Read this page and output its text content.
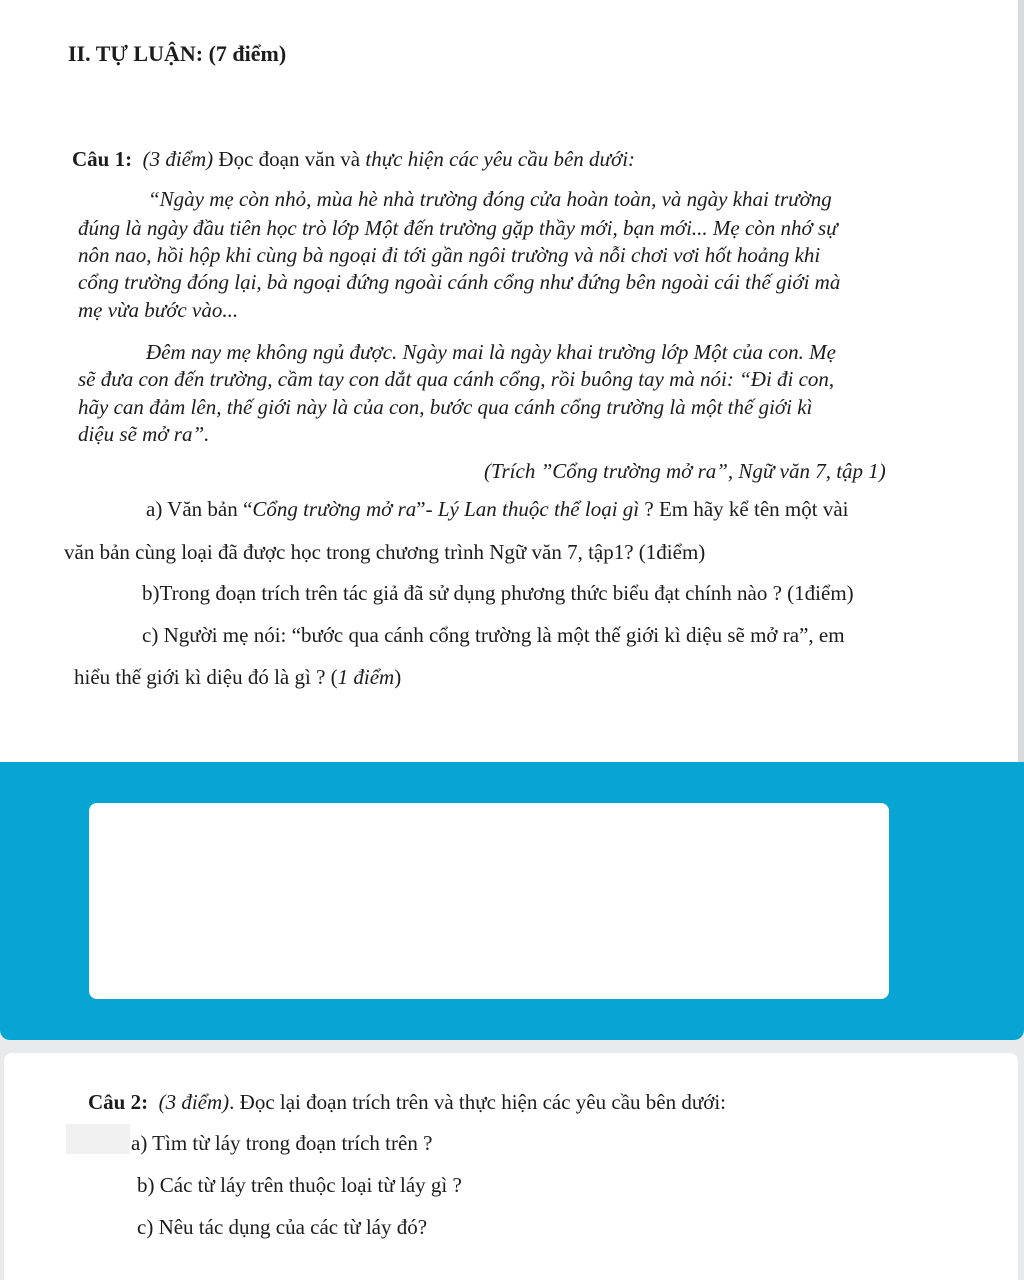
II. TỰ LUẬN: (7 điểm)
Câu 1: (3 điểm) Đọc đoạn văn và thực hiện các yêu cầu bên dưới:
“Ngày mẹ còn nhỏ, mùa hè nhà trường đóng cửa hoàn toàn, và ngày khai trường
đúng là ngày đầu tiên học trò lớp Một đến trường gặp thầy mới, bạn mới... Mẹ còn nhớ sự
nôn nao, hồi hộp khi cùng bà ngoại đi tới gần ngôi trường và nỗi chơi vơi hốt hoảng khi
cổng trường đóng lại, bà ngoại đứng ngoài cánh cổng như đứng bên ngoài cái thế giới mà
mẹ vừa bước vào...
Đêm nay mẹ không ngủ được. Ngày mai là ngày khai trường lớp Một của con. Mẹ
sẽ đưa con đến trường, cầm tay con dắt qua cánh cổng, rồi buông tay mà nói: “Đi đi con,
hãy can đảm lên, thế giới này là của con, bước qua cánh cổng trường là một thế giới kì
diệu sẽ mở ra”.
(Trích ”Cổng trường mở ra”, Ngữ văn 7, tập 1)
a) Văn bản “Cổng trường mở ra”- Lý Lan thuộc thể loại gì ? Em hãy kể tên một vài
văn bản cùng loại đã được học trong chương trình Ngữ văn 7, tập1? (1điểm)
b)Trong đoạn trích trên tác giả đã sử dụng phương thức biểu đạt chính nào ? (1điểm)
c) Người mẹ nói: “bước qua cánh cổng trường là một thế giới kì diệu sẽ mở ra”, em
hiểu thế giới kì diệu đó là gì ? (1 điểm)
Câu 2: (3 điểm). Đọc lại đoạn trích trên và thực hiện các yêu cầu bên dưới:
a) Tìm từ láy trong đoạn trích trên ?
b) Các từ láy trên thuộc loại từ láy gì ?
c) Nêu tác dụng của các từ láy đó?
